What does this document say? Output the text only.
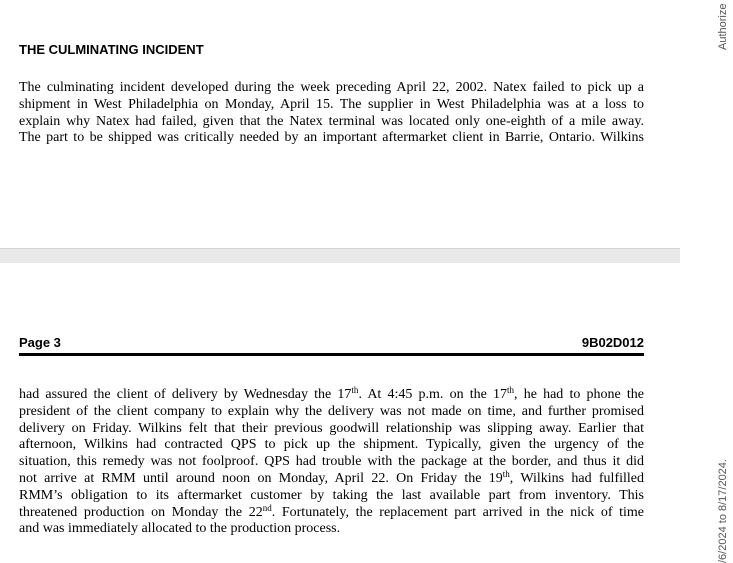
THE CULMINATING INCIDENT

The culminating incident developed during the week preceding April 22, 2002. Natex failed to pick up a
shipment in West Philadelphia on Monday, April 15. The supplier in West Philadelphia was at a loss to
explain why Natex had failed, given that the Natex terminal was located only one-eighth of a mile away.
The part to be shipped was critically needed by an important aftermarket client in Barrie, Ontario. Wilkins

Page 3	9B02D012

had assured the client of delivery by Wednesday the 17th. At 4:45 p.m. on the 17th, he had to phone the
president of the client company to explain why the delivery was not made on time, and further promised
delivery on Friday. Wilkins felt that their previous goodwill relationship was slipping away. Earlier that
afternoon, Wilkins had contracted QPS to pick up the shipment. Typically, given the urgency of the
situation, this remedy was not foolproof. QPS had trouble with the package at the border, and thus it did
not arrive at RMM until around noon on Monday, April 22. On Friday the 19th, Wilkins had fulfilled
RMM’s obligation to its aftermarket customer by taking the last available part from inventory. This
threatened production on Monday the 22nd. Fortunately, the replacement part arrived in the nick of time
and was immediately allocated to the production process.

Authorize
/6/2024 to 8/17/2024.
